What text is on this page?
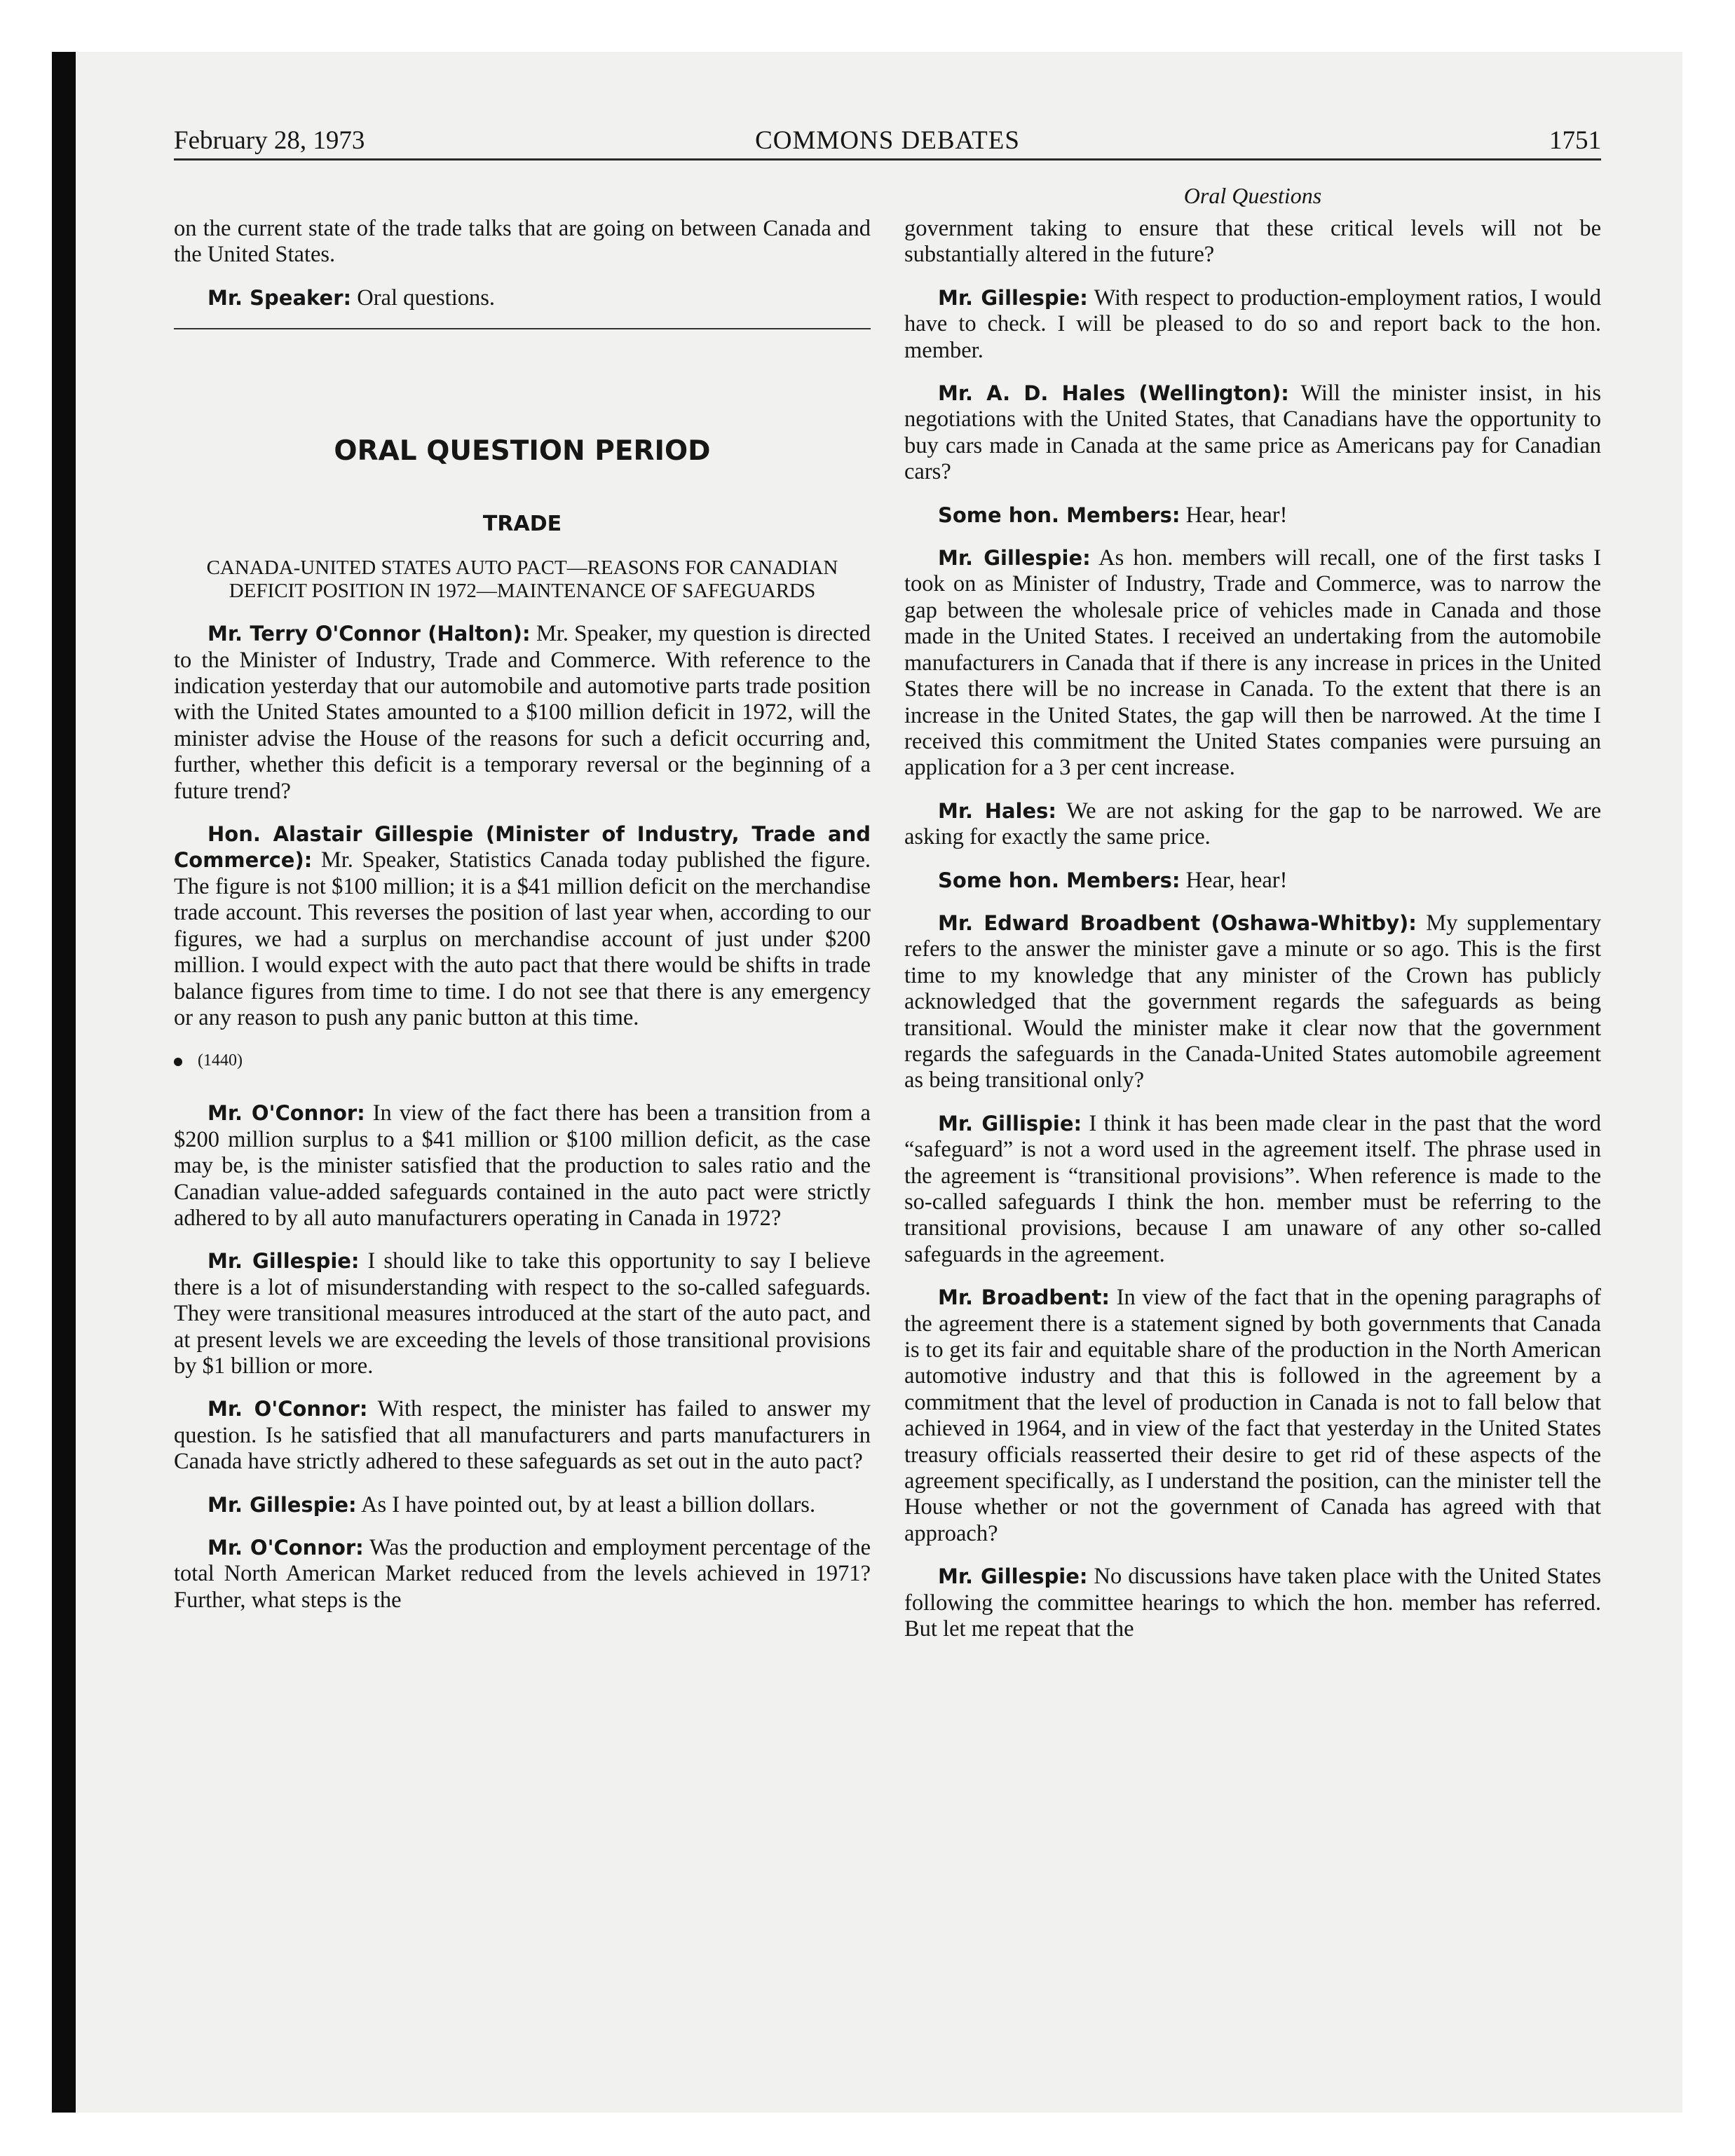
February 28, 1973	COMMONS DEBATES	1751
Oral Questions

on the current state of the trade talks that are going on between Canada and the United States.

Mr. Speaker: Oral questions.

ORAL QUESTION PERIOD
TRADE
CANADA-UNITED STATES AUTO PACT—REASONS FOR CANADIAN DEFICIT POSITION IN 1972—MAINTENANCE OF SAFEGUARDS

Mr. Terry O'Connor (Halton): Mr. Speaker, my question is directed to the Minister of Industry, Trade and Commerce. With reference to the indication yesterday that our automobile and automotive parts trade position with the United States amounted to a $100 million deficit in 1972, will the minister advise the House of the reasons for such a deficit occurring and, further, whether this deficit is a temporary reversal or the beginning of a future trend?

Hon. Alastair Gillespie (Minister of Industry, Trade and Commerce): Mr. Speaker, Statistics Canada today published the figure. The figure is not $100 million; it is a $41 million deficit on the merchandise trade account. This reverses the position of last year when, according to our figures, we had a surplus on merchandise account of just under $200 million. I would expect with the auto pact that there would be shifts in trade balance figures from time to time. I do not see that there is any emergency or any reason to push any panic button at this time.

(1440)

Mr. O'Connor: In view of the fact there has been a transition from a $200 million surplus to a $41 million or $100 million deficit, as the case may be, is the minister satisfied that the production to sales ratio and the Canadian value-added safeguards contained in the auto pact were strictly adhered to by all auto manufacturers operating in Canada in 1972?

Mr. Gillespie: I should like to take this opportunity to say I believe there is a lot of misunderstanding with respect to the so-called safeguards. They were transitional measures introduced at the start of the auto pact, and at present levels we are exceeding the levels of those transitional provisions by $1 billion or more.

Mr. O'Connor: With respect, the minister has failed to answer my question. Is he satisfied that all manufacturers and parts manufacturers in Canada have strictly adhered to these safeguards as set out in the auto pact?

Mr. Gillespie: As I have pointed out, by at least a billion dollars.

Mr. O'Connor: Was the production and employment percentage of the total North American Market reduced from the levels achieved in 1971? Further, what steps is the

government taking to ensure that these critical levels will not be substantially altered in the future?

Mr. Gillespie: With respect to production-employment ratios, I would have to check. I will be pleased to do so and report back to the hon. member.

Mr. A. D. Hales (Wellington): Will the minister insist, in his negotiations with the United States, that Canadians have the opportunity to buy cars made in Canada at the same price as Americans pay for Canadian cars?

Some hon. Members: Hear, hear!

Mr. Gillespie: As hon. members will recall, one of the first tasks I took on as Minister of Industry, Trade and Commerce, was to narrow the gap between the wholesale price of vehicles made in Canada and those made in the United States. I received an undertaking from the automobile manufacturers in Canada that if there is any increase in prices in the United States there will be no increase in Canada. To the extent that there is an increase in the United States, the gap will then be narrowed. At the time I received this commitment the United States companies were pursuing an application for a 3 per cent increase.

Mr. Hales: We are not asking for the gap to be narrowed. We are asking for exactly the same price.

Some hon. Members: Hear, hear!

Mr. Edward Broadbent (Oshawa-Whitby): My supplementary refers to the answer the minister gave a minute or so ago. This is the first time to my knowledge that any minister of the Crown has publicly acknowledged that the government regards the safeguards as being transitional. Would the minister make it clear now that the government regards the safeguards in the Canada-United States automobile agreement as being transitional only?

Mr. Gillispie: I think it has been made clear in the past that the word “safeguard” is not a word used in the agreement itself. The phrase used in the agreement is “transitional provisions”. When reference is made to the so-called safeguards I think the hon. member must be referring to the transitional provisions, because I am unaware of any other so-called safeguards in the agreement.

Mr. Broadbent: In view of the fact that in the opening paragraphs of the agreement there is a statement signed by both governments that Canada is to get its fair and equitable share of the production in the North American automotive industry and that this is followed in the agreement by a commitment that the level of production in Canada is not to fall below that achieved in 1964, and in view of the fact that yesterday in the United States treasury officials reasserted their desire to get rid of these aspects of the agreement specifically, as I understand the position, can the minister tell the House whether or not the government of Canada has agreed with that approach?

Mr. Gillespie: No discussions have taken place with the United States following the committee hearings to which the hon. member has referred. But let me repeat that the
